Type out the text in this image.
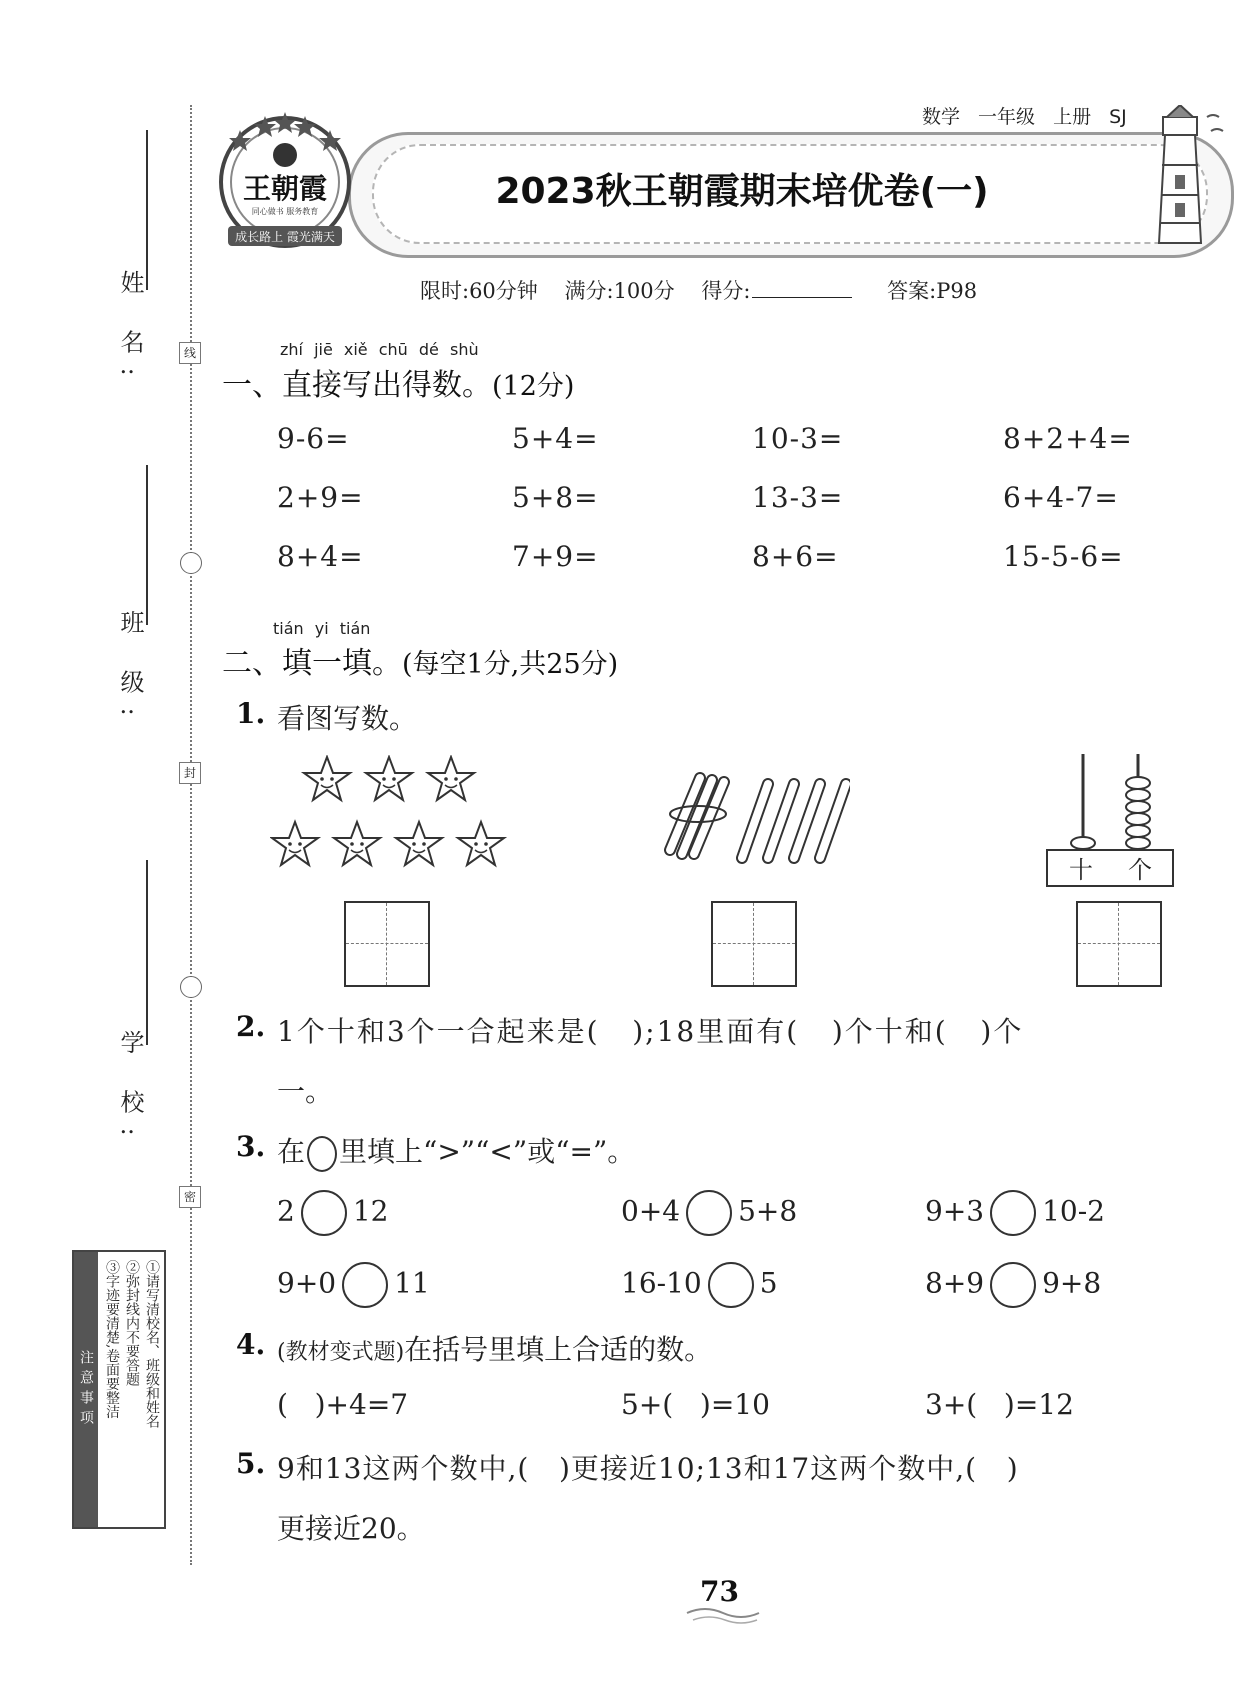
姓 名:
班 级:
学 校:
线
封
密
注意事项	①请写清校名、班级和姓名
②弥封线内不要答题
③字迹要清楚,卷面要整洁
2023秋王朝霞期末培优卷(一)
数学 一年级 上册 SJ
王朝霞
同心做书 服务教育
成长路上 霞光满天
限时:60分钟 满分:100分 得分:	答案:P98
zhí jiē xiě chū dé shù
一、直接写出得数。(12分)
9-6=	5+4=	10-3=	8+2+4=
2+9=	5+8=	13-3=	6+4-7=
8+4=	7+9=	8+6=	15-5-6=
tián yi tián
二、填一填。(每空1分,共25分)
1. 看图写数。
十 个
2. 1个十和3个一合起来是(   );18里面有(   )个十和(   )个
一。
3. 在 里填上“>”“<”或“=”。
2 12	0+4 5+8	9+3 10-2
9+0 11	16-10 5	8+9 9+8
4. (教材变式题)在括号里填上合适的数。
(   )+4=7	5+(   )=10	3+(   )=12
5. 9和13这两个数中,(   )更接近10;13和17这两个数中,(   )
更接近20。
73
